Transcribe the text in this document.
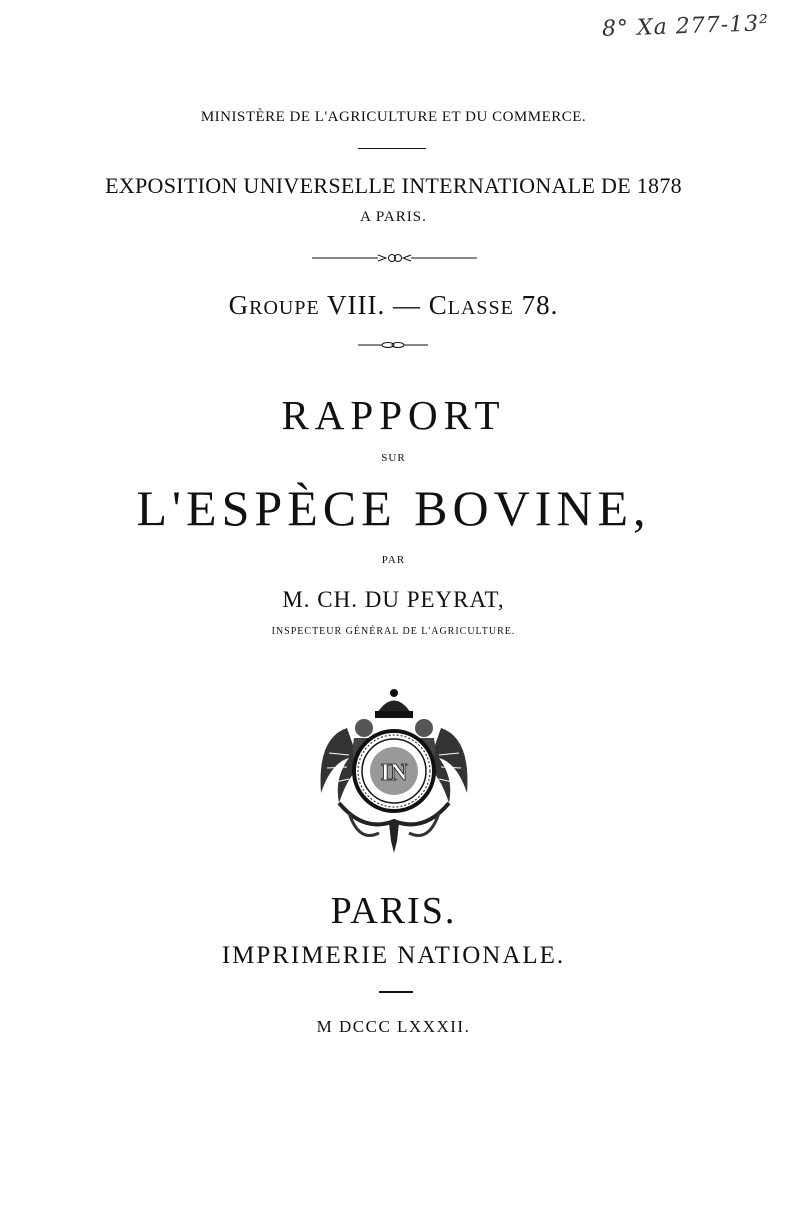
8° Xa 277-13²
MINISTÈRE DE L'AGRICULTURE ET DU COMMERCE.
EXPOSITION UNIVERSELLE INTERNATIONALE DE 1878
A PARIS.
GROUPE VIII. — CLASSE 78.
RAPPORT
SUR
L'ESPÈCE BOVINE,
PAR
M. CH. DU PEYRAT,
INSPECTEUR GÉNÉRAL DE L'AGRICULTURE.
IN
PARIS.
IMPRIMERIE NATIONALE.
M DCCC LXXXII.
